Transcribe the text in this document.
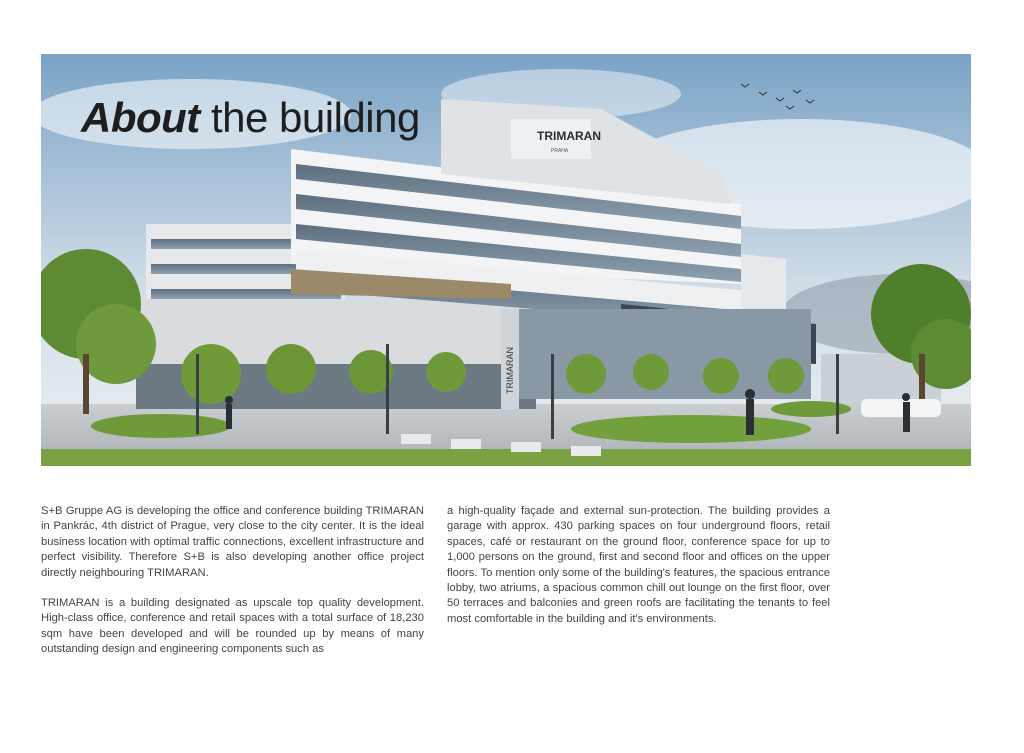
TRIMARAN
PRAHA
TRIMARAN
About the building

S+B Gruppe AG is developing the office and conference building TRIMARAN in Pankrác, 4th district of Prague, very close to the city center. It is the ideal business location with optimal traffic connections, excellent infrastructure and perfect visibility. Therefore S+B is also developing another office project directly neighbouring TRIMARAN.

TRIMARAN is a building designated as upscale top quality development. High-class office, conference and retail spaces with a total surface of 18,230 sqm have been developed and will be rounded up by means of many outstanding design and engineering components such as

a high-quality façade and external sun-protection. The building provides a garage with approx. 430 parking spaces on four underground floors, retail spaces, café or restaurant on the ground floor, conference space for up to 1,000 persons on the ground, first and second floor and offices on the upper floors. To mention only some of the building's features, the spacious entrance lobby, two atriums, a spacious common chill out lounge on the first floor, over 50 terraces and balconies and green roofs are facilitating the tenants to feel most comfortable in the building and it's environments.
